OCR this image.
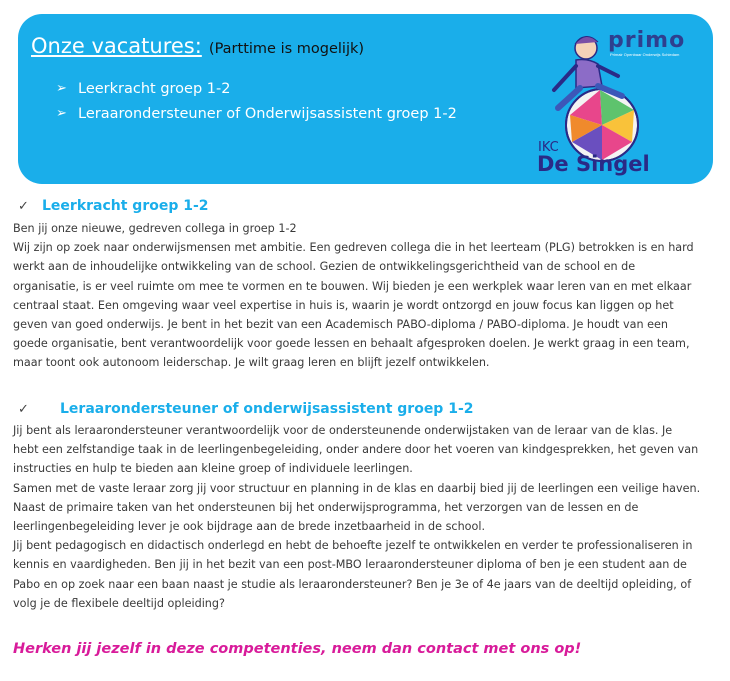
Onze vacatures: (Parttime is mogelijk)
➢ Leerkracht groep 1-2
➢ Leraarondersteuner of Onderwijsassistent groep 1-2
primo
Primair Openbaar Onderwijs Schiedam
IKC
De Singel
✓ Leerkracht groep 1-2
Ben jij onze nieuwe, gedreven collega in groep 1-2
Wij zijn op zoek naar onderwijsmensen met ambitie. Een gedreven collega die in het leerteam (PLG) betrokken is en hard
werkt aan de inhoudelijke ontwikkeling van de school. Gezien de ontwikkelingsgerichtheid van de school en de
organisatie, is er veel ruimte om mee te vormen en te bouwen. Wij bieden je een werkplek waar leren van en met elkaar
centraal staat. Een omgeving waar veel expertise in huis is, waarin je wordt ontzorgd en jouw focus kan liggen op het
geven van goed onderwijs. Je bent in het bezit van een Academisch PABO-diploma / PABO-diploma. Je houdt van een
goede organisatie, bent verantwoordelijk voor goede lessen en behaalt afgesproken doelen. Je werkt graag in een team,
maar toont ook autonoom leiderschap. Je wilt graag leren en blijft jezelf ontwikkelen.
✓	Leraarondersteuner of onderwijsassistent groep 1-2
Jij bent als leraarondersteuner verantwoordelijk voor de ondersteunende onderwijstaken van de leraar van de klas. Je
hebt een zelfstandige taak in de leerlingenbegeleiding, onder andere door het voeren van kindgesprekken, het geven van
instructies en hulp te bieden aan kleine groep of individuele leerlingen.
Samen met de vaste leraar zorg jij voor structuur en planning in de klas en daarbij bied jij de leerlingen een veilige haven.
Naast de primaire taken van het ondersteunen bij het onderwijsprogramma, het verzorgen van de lessen en de
leerlingenbegeleiding lever je ook bijdrage aan de brede inzetbaarheid in de school.
Jij bent pedagogisch en didactisch onderlegd en hebt de behoefte jezelf te ontwikkelen en verder te professionaliseren in
kennis en vaardigheden. Ben jij in het bezit van een post-MBO leraarondersteuner diploma of ben je een student aan de
Pabo en op zoek naar een baan naast je studie als leraarondersteuner? Ben je 3e of 4e jaars van de deeltijd opleiding, of
volg je de flexibele deeltijd opleiding?
Herken jij jezelf in deze competenties, neem dan contact met ons op!
